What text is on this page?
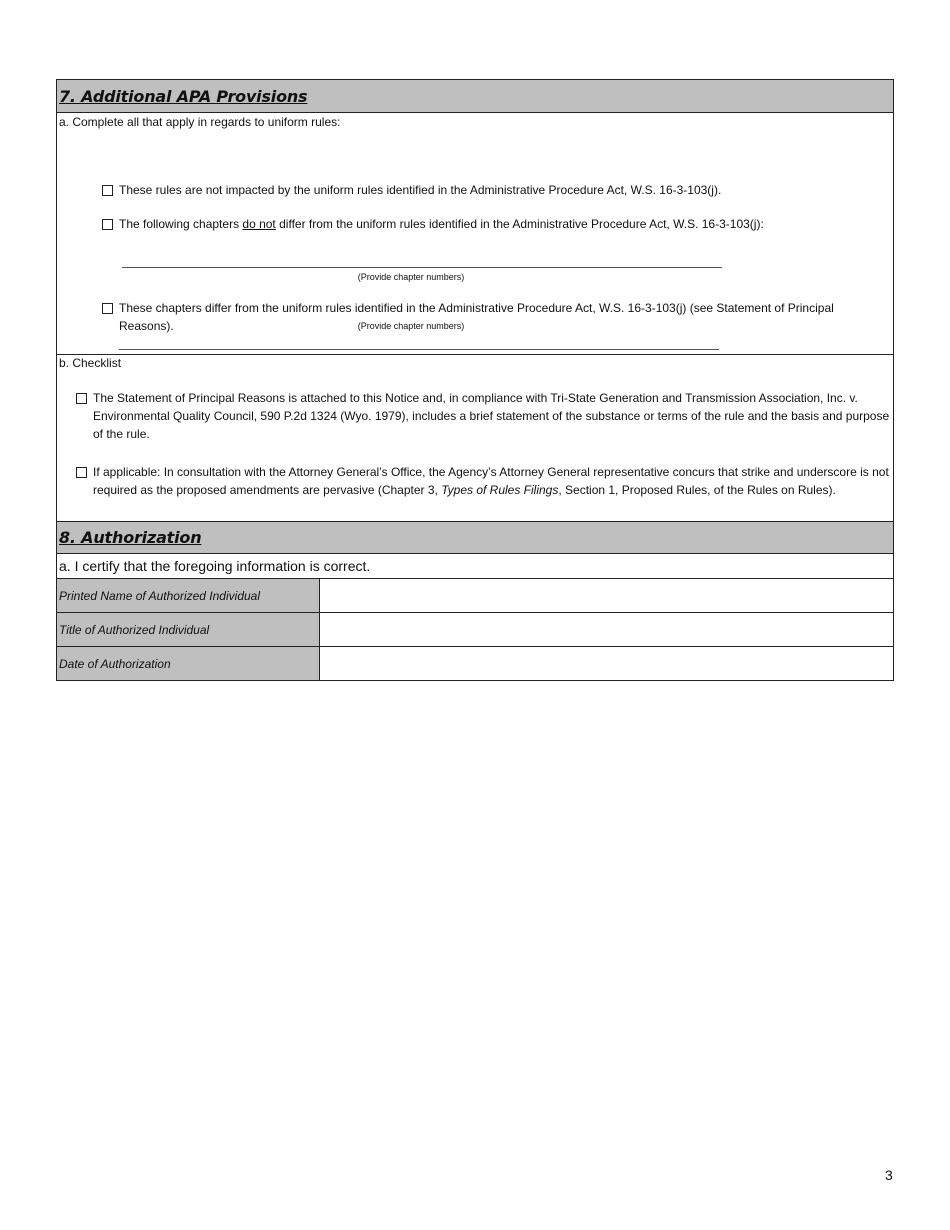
7. Additional APA Provisions
a. Complete all that apply in regards to uniform rules:
These rules are not impacted by the uniform rules identified in the Administrative Procedure Act, W.S. 16-3-103(j).
The following chapters do not differ from the uniform rules identified in the Administrative Procedure Act, W.S. 16-3-103(j):
(Provide chapter numbers)
These chapters differ from the uniform rules identified in the Administrative Procedure Act, W.S. 16-3-103(j) (see Statement of Principal Reasons).	(Provide chapter numbers)
b. Checklist
The Statement of Principal Reasons is attached to this Notice and, in compliance with Tri-State Generation and Transmission Association, Inc. v. Environmental Quality Council, 590 P.2d 1324 (Wyo. 1979), includes a brief statement of the substance or terms of the rule and the basis and purpose of the rule.
If applicable: In consultation with the Attorney General’s Office, the Agency’s Attorney General representative concurs that strike and underscore is not required as the proposed amendments are pervasive (Chapter 3, Types of Rules Filings, Section 1, Proposed Rules, of the Rules on Rules).
8. Authorization
a. I certify that the foregoing information is correct.
Printed Name of Authorized Individual
Title of Authorized Individual
Date of Authorization
3
